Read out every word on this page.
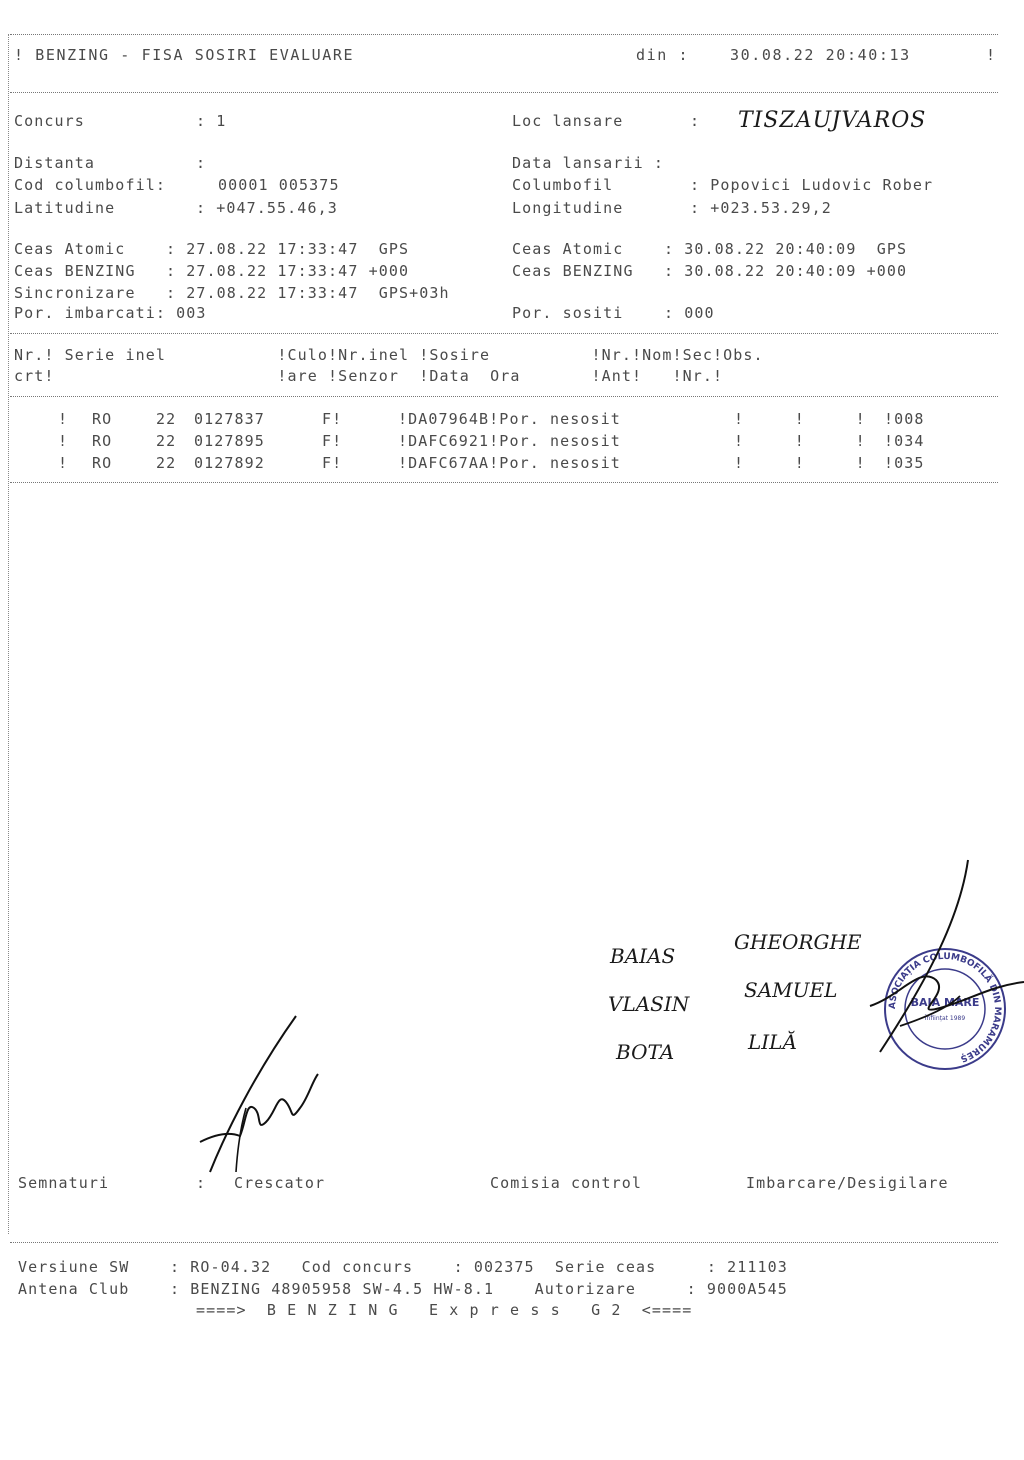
! BENZING - FISA SOSIRI EVALUARE	din :	30.08.22 20:40:13	!
Concurs	: 1	Loc lansare	: TISZAUJVAROS
Distanta	:	Data lansarii :
Cod columbofil:	00001 005375	Columbofil	: Popovici Ludovic Rober
Latitudine	: +047.55.46,3	Longitudine	: +023.53.29,2
Ceas Atomic    : 27.08.22 17:33:47  GPS	Ceas Atomic    : 30.08.22 20:40:09  GPS
Ceas BENZING   : 27.08.22 17:33:47 +000	Ceas BENZING   : 30.08.22 20:40:09 +000
Sincronizare   : 27.08.22 17:33:47  GPS+03h
Por. imbarcati: 003	Por. sositi    : 000
Nr.! Serie inel           !Culo!Nr.inel !Sosire          !Nr.!Nom!Sec!Obs.
crt!                      !are !Senzor  !Data  Ora       !Ant!   !Nr.!
! RO	22 0127837	F!	!DA07964B!Por. nesosit	!     !     ! !008
! RO	22 0127895	F!	!DAFC6921!Por. nesosit	!     !     ! !034
! RO	22 0127892	F!	!DAFC67AA!Por. nesosit	!     !     ! !035
BAIAS
GHEORGHE
VLASIN
SAMUEL
BOTA	LILĂ
ASOCIAȚIA COLUMBOFILĂ DIN MARAMUREȘ
BAIA MARE
Înființat 1989
Semnaturi	: Crescator	Comisia control	Imbarcare/Desigilare
Versiune SW    : RO-04.32   Cod concurs    : 002375  Serie ceas     : 211103
Antena Club    : BENZING 48905958 SW-4.5 HW-8.1    Autorizare     : 9000A545
====>  B E N Z I N G   E x p r e s s   G 2  <====
